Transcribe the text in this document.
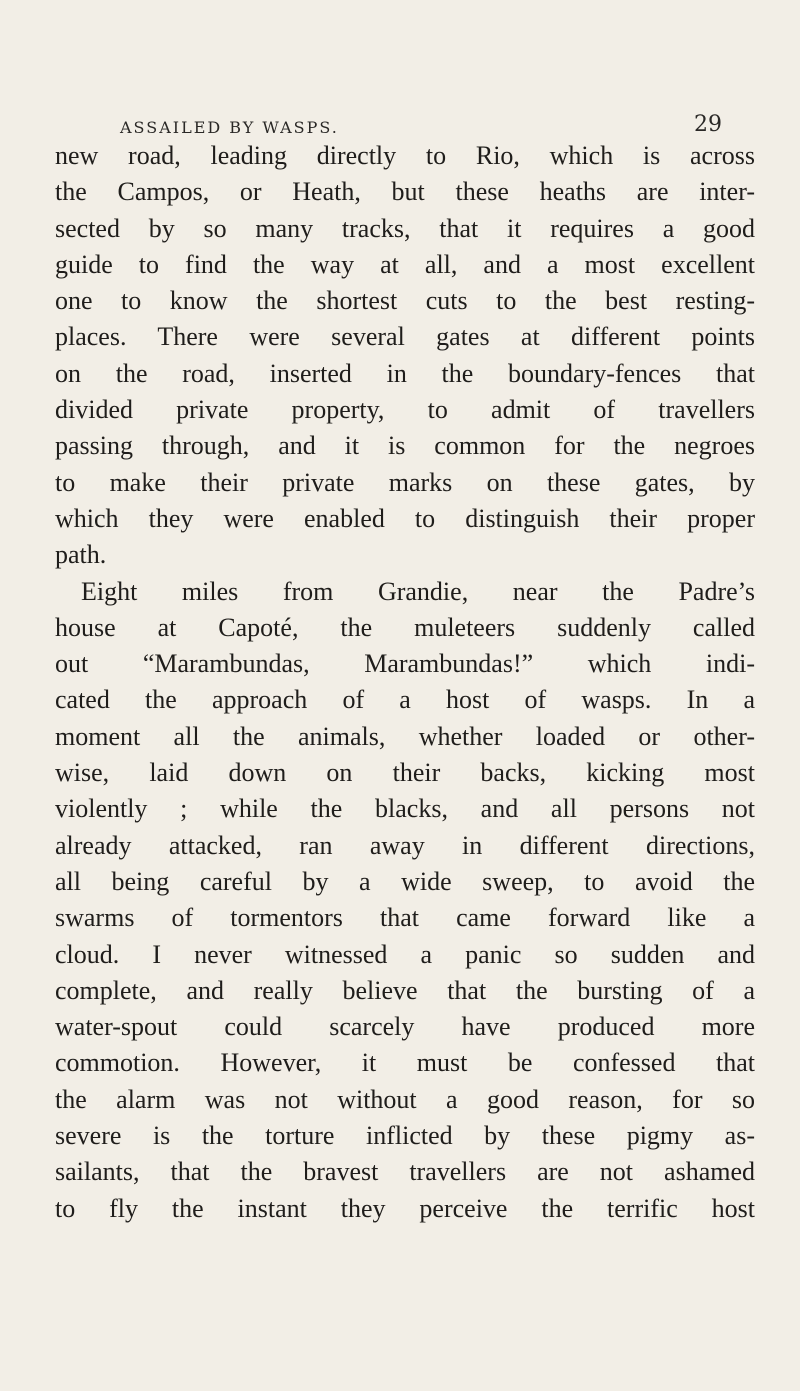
ASSAILED BY WASPS.	29
new road, leading directly to Rio, which is across
the Campos, or Heath, but these heaths are inter-
sected by so many tracks, that it requires a good
guide to find the way at all, and a most excellent
one to know the shortest cuts to the best resting-
places. There were several gates at different points
on the road, inserted in the boundary-fences that
divided private property, to admit of travellers
passing through, and it is common for the negroes
to make their private marks on these gates, by
which they were enabled to distinguish their proper
path.
Eight miles from Grandie, near the Padre’s
house at Capoté, the muleteers suddenly called
out “Marambundas, Marambundas!” which indi-
cated the approach of a host of wasps. In a
moment all the animals, whether loaded or other-
wise, laid down on their backs, kicking most
violently ; while the blacks, and all persons not
already attacked, ran away in different directions,
all being careful by a wide sweep, to avoid the
swarms of tormentors that came forward like a
cloud. I never witnessed a panic so sudden and
complete, and really believe that the bursting of a
water-spout could scarcely have produced more
commotion. However, it must be confessed that
the alarm was not without a good reason, for so
severe is the torture inflicted by these pigmy as-
sailants, that the bravest travellers are not ashamed
to fly the instant they perceive the terrific host
